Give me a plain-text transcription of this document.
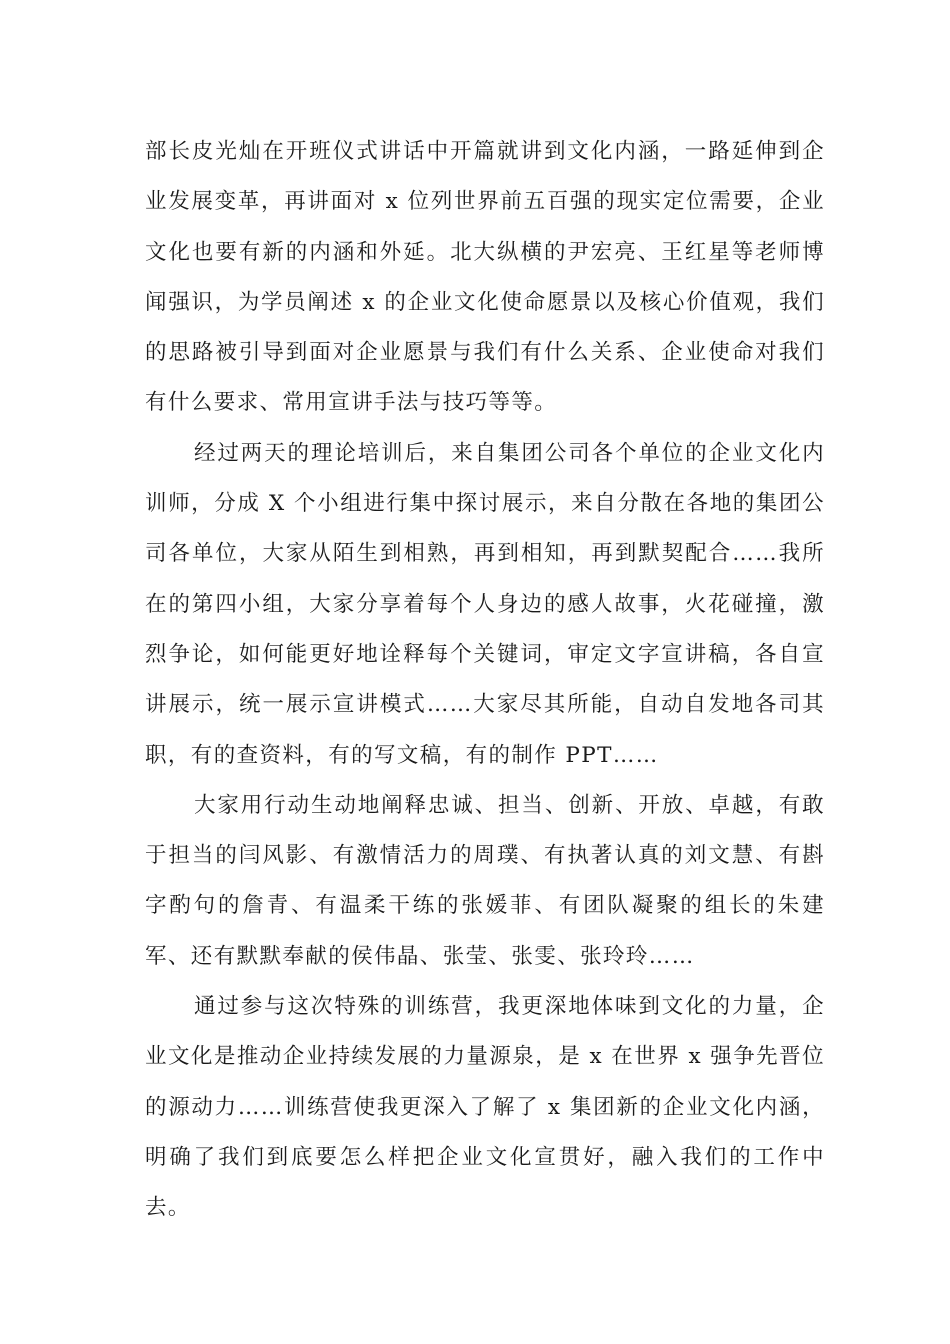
部长皮光灿在开班仪式讲话中开篇就讲到文化内涵，一路延伸到企业发展变革，再讲面对 x 位列世界前五百强的现实定位需要，企业文化也要有新的内涵和外延。北大纵横的尹宏亮、王红星等老师博闻强识，为学员阐述 x 的企业文化使命愿景以及核心价值观，我们的思路被引导到面对企业愿景与我们有什么关系、企业使命对我们有什么要求、常用宣讲手法与技巧等等。

经过两天的理论培训后，来自集团公司各个单位的企业文化内训师，分成 X 个小组进行集中探讨展示，来自分散在各地的集团公司各单位，大家从陌生到相熟，再到相知，再到默契配合……我所在的第四小组，大家分享着每个人身边的感人故事，火花碰撞，激烈争论，如何能更好地诠释每个关键词，审定文字宣讲稿，各自宣讲展示，统一展示宣讲模式……大家尽其所能，自动自发地各司其职，有的查资料，有的写文稿，有的制作 PPT……

大家用行动生动地阐释忠诚、担当、创新、开放、卓越，有敢于担当的闫风影、有激情活力的周璞、有执著认真的刘文慧、有斟字酌句的詹青、有温柔干练的张媛菲、有团队凝聚的组长的朱建军、还有默默奉献的侯伟晶、张莹、张雯、张玲玲……

通过参与这次特殊的训练营，我更深地体味到文化的力量，企业文化是推动企业持续发展的力量源泉，是 x 在世界 x 强争先晋位的源动力……训练营使我更深入了解了 x 集团新的企业文化内涵，明确了我们到底要怎么样把企业文化宣贯好，融入我们的工作中去。
